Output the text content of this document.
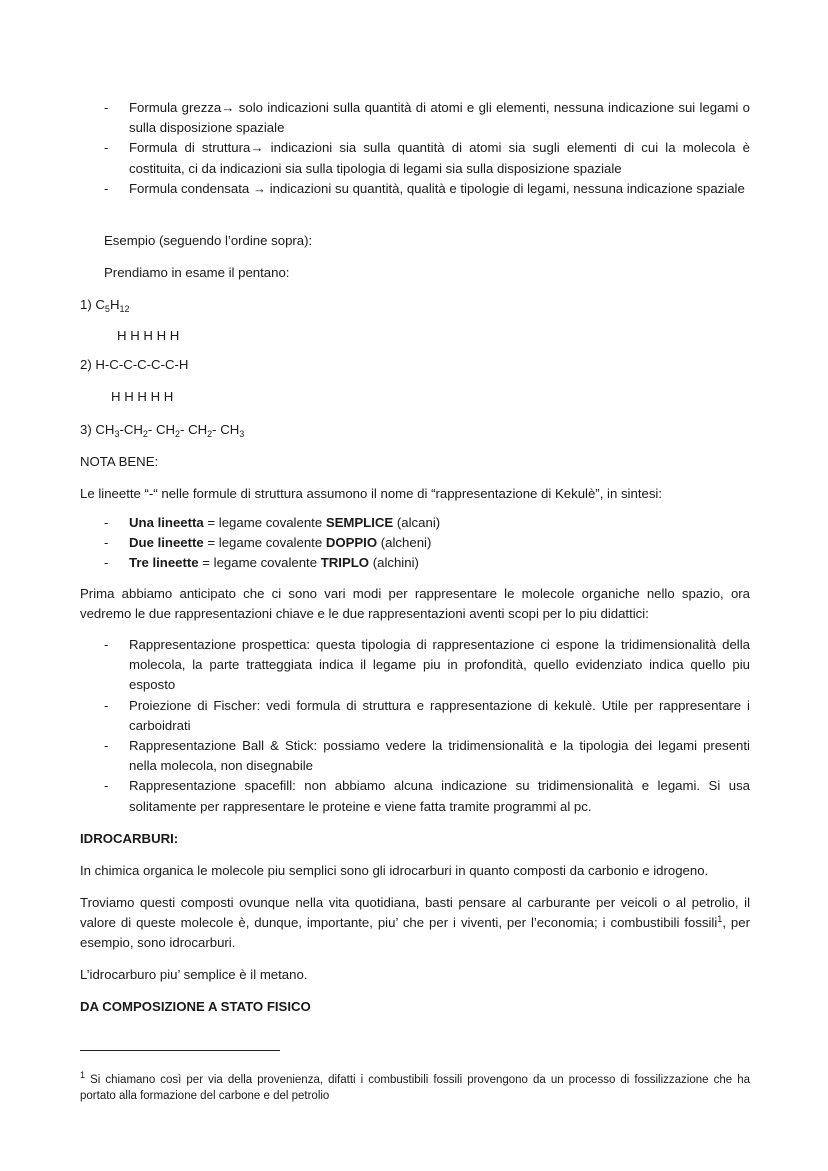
- Formula grezza→ solo indicazioni sulla quantità di atomi e gli elementi, nessuna indicazione sui legami o sulla disposizione spaziale
- Formula di struttura→ indicazioni sia sulla quantità di atomi sia sugli elementi di cui la molecola è costituita, ci da indicazioni sia sulla tipologia di legami sia sulla disposizione spaziale
- Formula condensata → indicazioni su quantità, qualità e tipologie di legami, nessuna indicazione spaziale

Esempio (seguendo l’ordine sopra):

Prendiamo in esame il pentano:

1) $C_5H_{12}$

H H H H H

2) H-C-C-C-C-C-H

H H H H H

3) $CH_3-CH_2-$ $CH_2-$ $CH_2-$ $CH_3$

NOTA BENE:

Le lineette “-“ nelle formule di struttura assumono il nome di “rappresentazione di Kekulè”, in sintesi:

- Una lineetta = legame covalente SEMPLICE (alcani)
- Due lineette = legame covalente DOPPIO (alcheni)
- Tre lineette = legame covalente TRIPLO (alchini)

Prima abbiamo anticipato che ci sono vari modi per rappresentare le molecole organiche nello spazio, ora vedremo le due rappresentazioni chiave e le due rappresentazioni aventi scopi per lo piu didattici:

- Rappresentazione prospettica: questa tipologia di rappresentazione ci espone la tridimensionalità della molecola, la parte tratteggiata indica il legame piu in profondità, quello evidenziato indica quello piu esposto
- Proiezione di Fischer: vedi formula di struttura e rappresentazione di kekulè. Utile per rappresentare i carboidrati
- Rappresentazione Ball & Stick: possiamo vedere la tridimensionalità e la tipologia dei legami presenti nella molecola, non disegnabile
- Rappresentazione spacefill: non abbiamo alcuna indicazione su tridimensionalità e legami. Si usa solitamente per rappresentare le proteine e viene fatta tramite programmi al pc.

IDROCARBURI:

In chimica organica le molecole piu semplici sono gli idrocarburi in quanto composti da carbonio e idrogeno.

Troviamo questi composti ovunque nella vita quotidiana, basti pensare al carburante per veicoli o al petrolio, il valore di queste molecole è, dunque, importante, piu’ che per i viventi, per l’economia; i combustibili fossili$^1$, per esempio, sono idrocarburi.

L’idrocarburo piu’ semplice è il metano.

DA COMPOSIZIONE A STATO FISICO

$^1$ Si chiamano così per via della provenienza, difatti i combustibili fossili provengono da un processo di fossilizzazione che ha portato alla formazione del carbone e del petrolio
